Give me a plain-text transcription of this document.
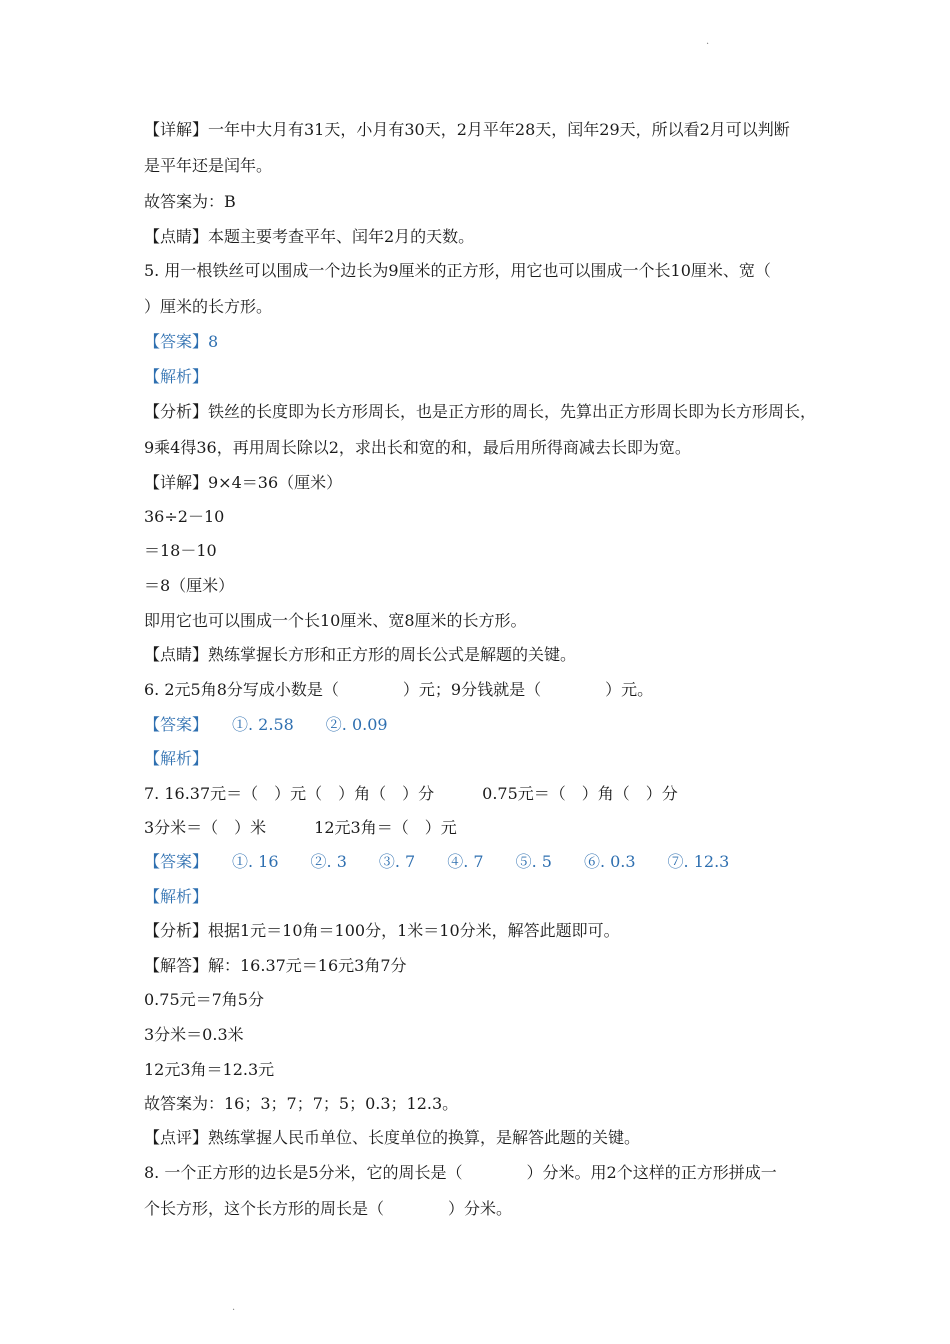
·
【详解】一年中大月有31天，小月有30天，2月平年28天，闰年29天，所以看2月可以判断
是平年还是闰年。
故答案为：B
【点睛】本题主要考查平年、闰年2月的天数。
5. 用一根铁丝可以围成一个边长为9厘米的正方形，用它也可以围成一个长10厘米、宽（
）厘米的长方形。
【答案】8
【解析】
【分析】铁丝的长度即为长方形周长，也是正方形的周长，先算出正方形周长即为长方形周长，
9乘4得36，再用周长除以2，求出长和宽的和，最后用所得商减去长即为宽。
【详解】9×4＝36（厘米）
36÷2－10
＝18－10
＝8（厘米）
即用它也可以围成一个长10厘米、宽8厘米的长方形。
【点睛】熟练掌握长方形和正方形的周长公式是解题的关键。
6. 2元5角8分写成小数是（　　　　）元；9分钱就是（　　　　）元。
【答案】　　①. 2.58　　②. 0.09
【解析】
7. 16.37元＝（　）元（　）角（　）分　　　0.75元＝（　）角（　）分
3分米＝（　）米　　　12元3角＝（　）元
【答案】　　①. 16　　②. 3　　③. 7　　④. 7　　⑤. 5　　⑥. 0.3　　⑦. 12.3
【解析】
【分析】根据1元＝10角＝100分，1米＝10分米，解答此题即可。
【解答】解：16.37元＝16元3角7分
0.75元＝7角5分
3分米＝0.3米
12元3角＝12.3元
故答案为：16；3；7；7；5；0.3；12.3。
【点评】熟练掌握人民币单位、长度单位的换算，是解答此题的关键。
8. 一个正方形的边长是5分米，它的周长是（　　　　）分米。用2个这样的正方形拼成一
个长方形，这个长方形的周长是（　　　　）分米。
·
